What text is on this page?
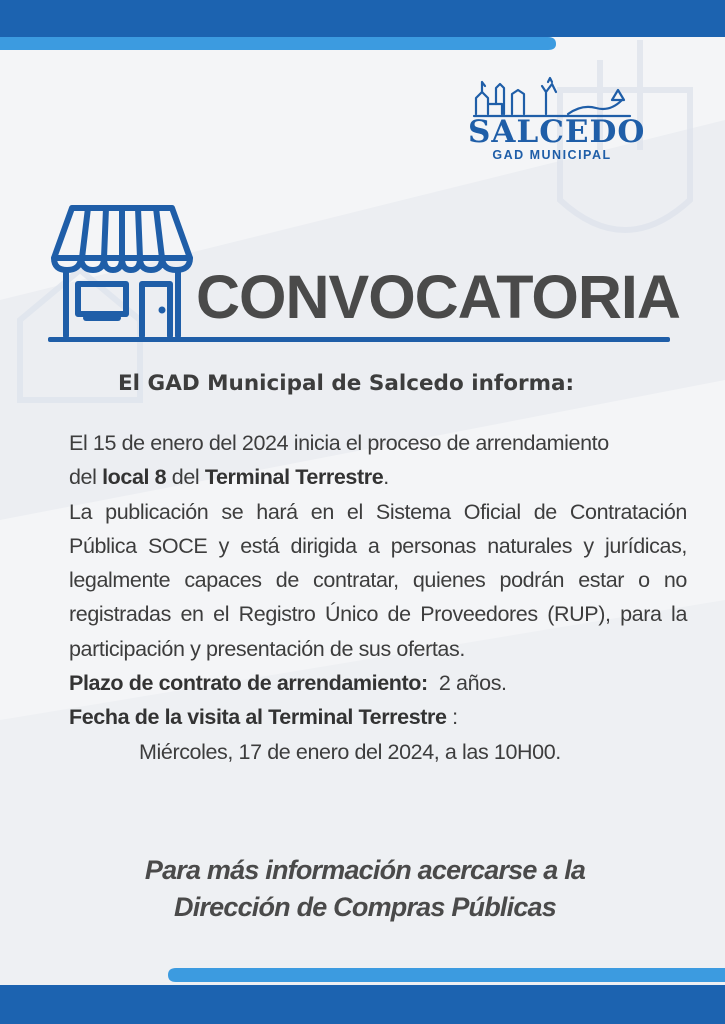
SALCEDO
GAD MUNICIPAL
CONVOCATORIA
El GAD Municipal de Salcedo informa:

El 15 de enero del 2024 inicia el proceso de arrendamiento

del local 8 del Terminal Terrestre.

La publicación se hará en el Sistema Oficial de Contratación Pública SOCE y está dirigida a personas naturales y jurídicas, legalmente capaces de contratar, quienes podrán estar o no registradas en el Registro Único de Proveedores (RUP), para la participación y presentación de sus ofertas.

Plazo de contrato de arrendamiento: 2 años.

Fecha de la visita al Terminal Terrestre :

Miércoles, 17 de enero del 2024, a las 10H00.

Para más información acercarse a la
Dirección de Compras Públicas
